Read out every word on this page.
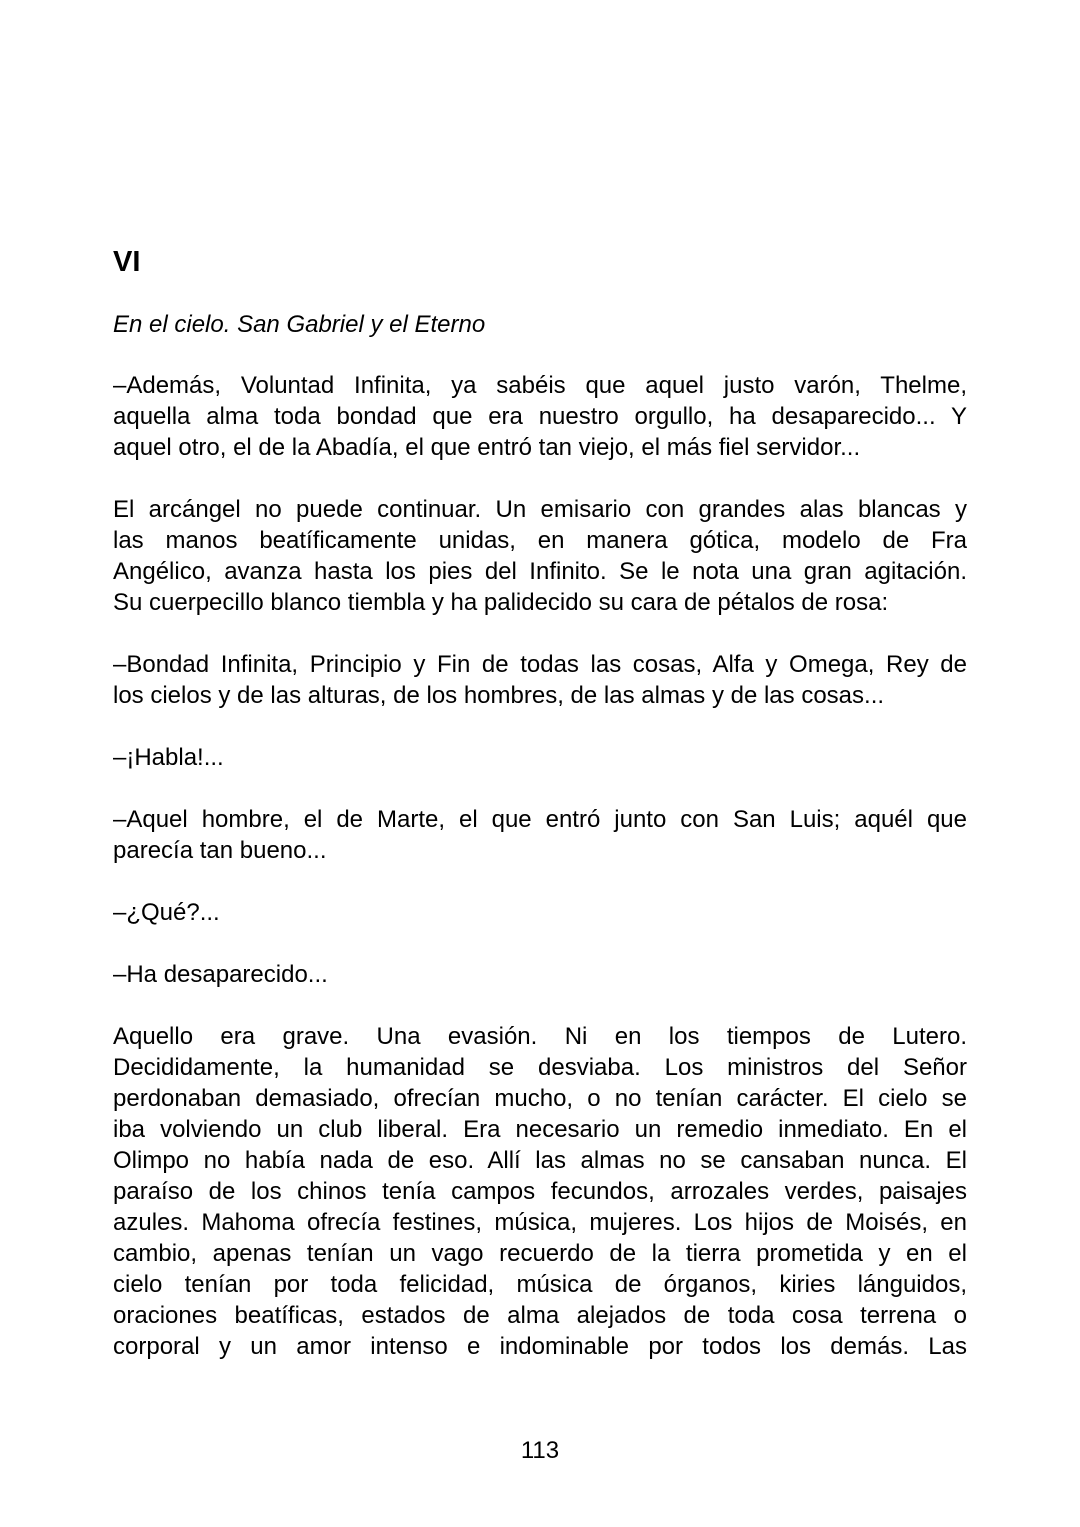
VI
En el cielo. San Gabriel y el Eterno
–Además, Voluntad Infinita, ya sabéis que aquel justo varón, Thelme,
aquella alma toda bondad que era nuestro orgullo, ha desaparecido... Y
aquel otro, el de la Abadía, el que entró tan viejo, el más fiel servidor...
El arcángel no puede continuar. Un emisario con grandes alas blancas y
las manos beatíficamente unidas, en manera gótica, modelo de Fra
Angélico, avanza hasta los pies del Infinito. Se le nota una gran agitación.
Su cuerpecillo blanco tiembla y ha palidecido su cara de pétalos de rosa:
–Bondad Infinita, Principio y Fin de todas las cosas, Alfa y Omega, Rey de
los cielos y de las alturas, de los hombres, de las almas y de las cosas...
–¡Habla!...
–Aquel hombre, el de Marte, el que entró junto con San Luis; aquél que
parecía tan bueno...
–¿Qué?...
–Ha desaparecido...
Aquello era grave. Una evasión. Ni en los tiempos de Lutero.
Decididamente, la humanidad se desviaba. Los ministros del Señor
perdonaban demasiado, ofrecían mucho, o no tenían carácter. El cielo se
iba volviendo un club liberal. Era necesario un remedio inmediato. En el
Olimpo no había nada de eso. Allí las almas no se cansaban nunca. El
paraíso de los chinos tenía campos fecundos, arrozales verdes, paisajes
azules. Mahoma ofrecía festines, música, mujeres. Los hijos de Moisés, en
cambio, apenas tenían un vago recuerdo de la tierra prometida y en el
cielo tenían por toda felicidad, música de órganos, kiries lánguidos,
oraciones beatíficas, estados de alma alejados de toda cosa terrena o
corporal y un amor intenso e indominable por todos los demás. Las
113
